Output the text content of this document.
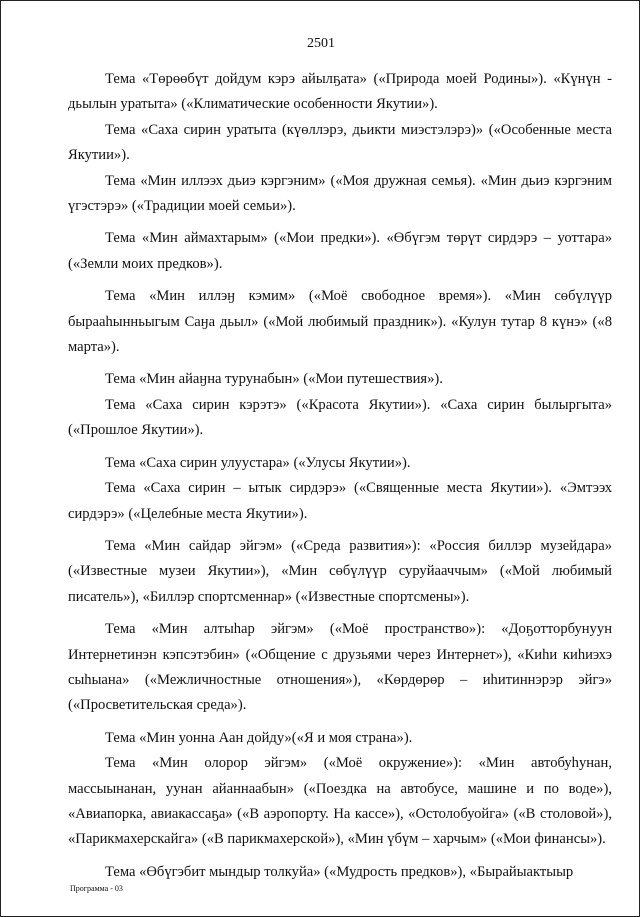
2501

Тема «Төрөөбүт дойдум кэрэ айылҕата» («Природа моей Родины»). «Күнүн - дьылын уратыта» («Климатические особенности Якутии»).

Тема «Саха сирин уратыта (күөллэрэ, дьикти миэстэлэрэ)» («Особенные места Якутии»).

Тема «Мин иллээх дьиэ кэргэним» («Моя дружная семья). «Мин дьиэ кэргэним үгэстэрэ» («Традиции моей семьи»).

Тема «Мин аймахтарым» («Мои предки»). «Өбүгэм төрүт сирдэрэ – уоттара» («Земли моих предков»).

Тема «Мин иллэӈ кэмим» («Моё свободное время»). «Мин сөбүлүүр бырааһынньыгым Саӈа дьыл» («Мой любимый праздник»). «Кулун тутар 8 күнэ» («8 марта»).

Тема «Мин айаӈна турунабын» («Мои путешествия»).

Тема «Саха сирин кэрэтэ» («Красота Якутии»). «Саха сирин былыргыта» («Прошлое Якутии»).

Тема «Саха сирин улуустара» («Улусы Якутии»).

Тема «Саха сирин – ытык сирдэрэ» («Священные места Якутии»). «Эмтээх сирдэрэ» («Целебные места Якутии»).

Тема «Мин сайдар эйгэм» («Среда развития»): «Россия биллэр музейдара» («Известные музеи Якутии»), «Мин сөбүлүүр суруйааччым» («Мой любимый писатель»), «Биллэр спортсменнар» («Известные спортсмены»).

Тема «Мин алтыһар эйгэм» («Моё пространство»): «Доҕотторбунуун Интернетинэн кэпсэтэбин» («Общение с друзьями через Интернет»), «Киһи киһиэхэ сыһыана» («Межличностные отношения»), «Көрдөрөр – иһитиннэрэр эйгэ» («Просветительская среда»).

Тема «Мин уонна Аан дойду»(«Я и моя страна»).

Тема «Мин олорор эйгэм» («Моё окружение»): «Мин автобуһунан, массыынанан, уунан айаннаабын» («Поездка на автобусе, машине и по воде»), «Авиапорка, авиакассаҕа» («В аэропорту. На кассе»), «Остолобуойга» («В столовой»), «Парикмахерскайга» («В парикмахерской»), «Мин үбүм – харчым» («Мои финансы»).

Тема «Өбүгэбит мындыр толкуйа» («Мудрость предков»), «Бырайыактыыр

Программа - 03
